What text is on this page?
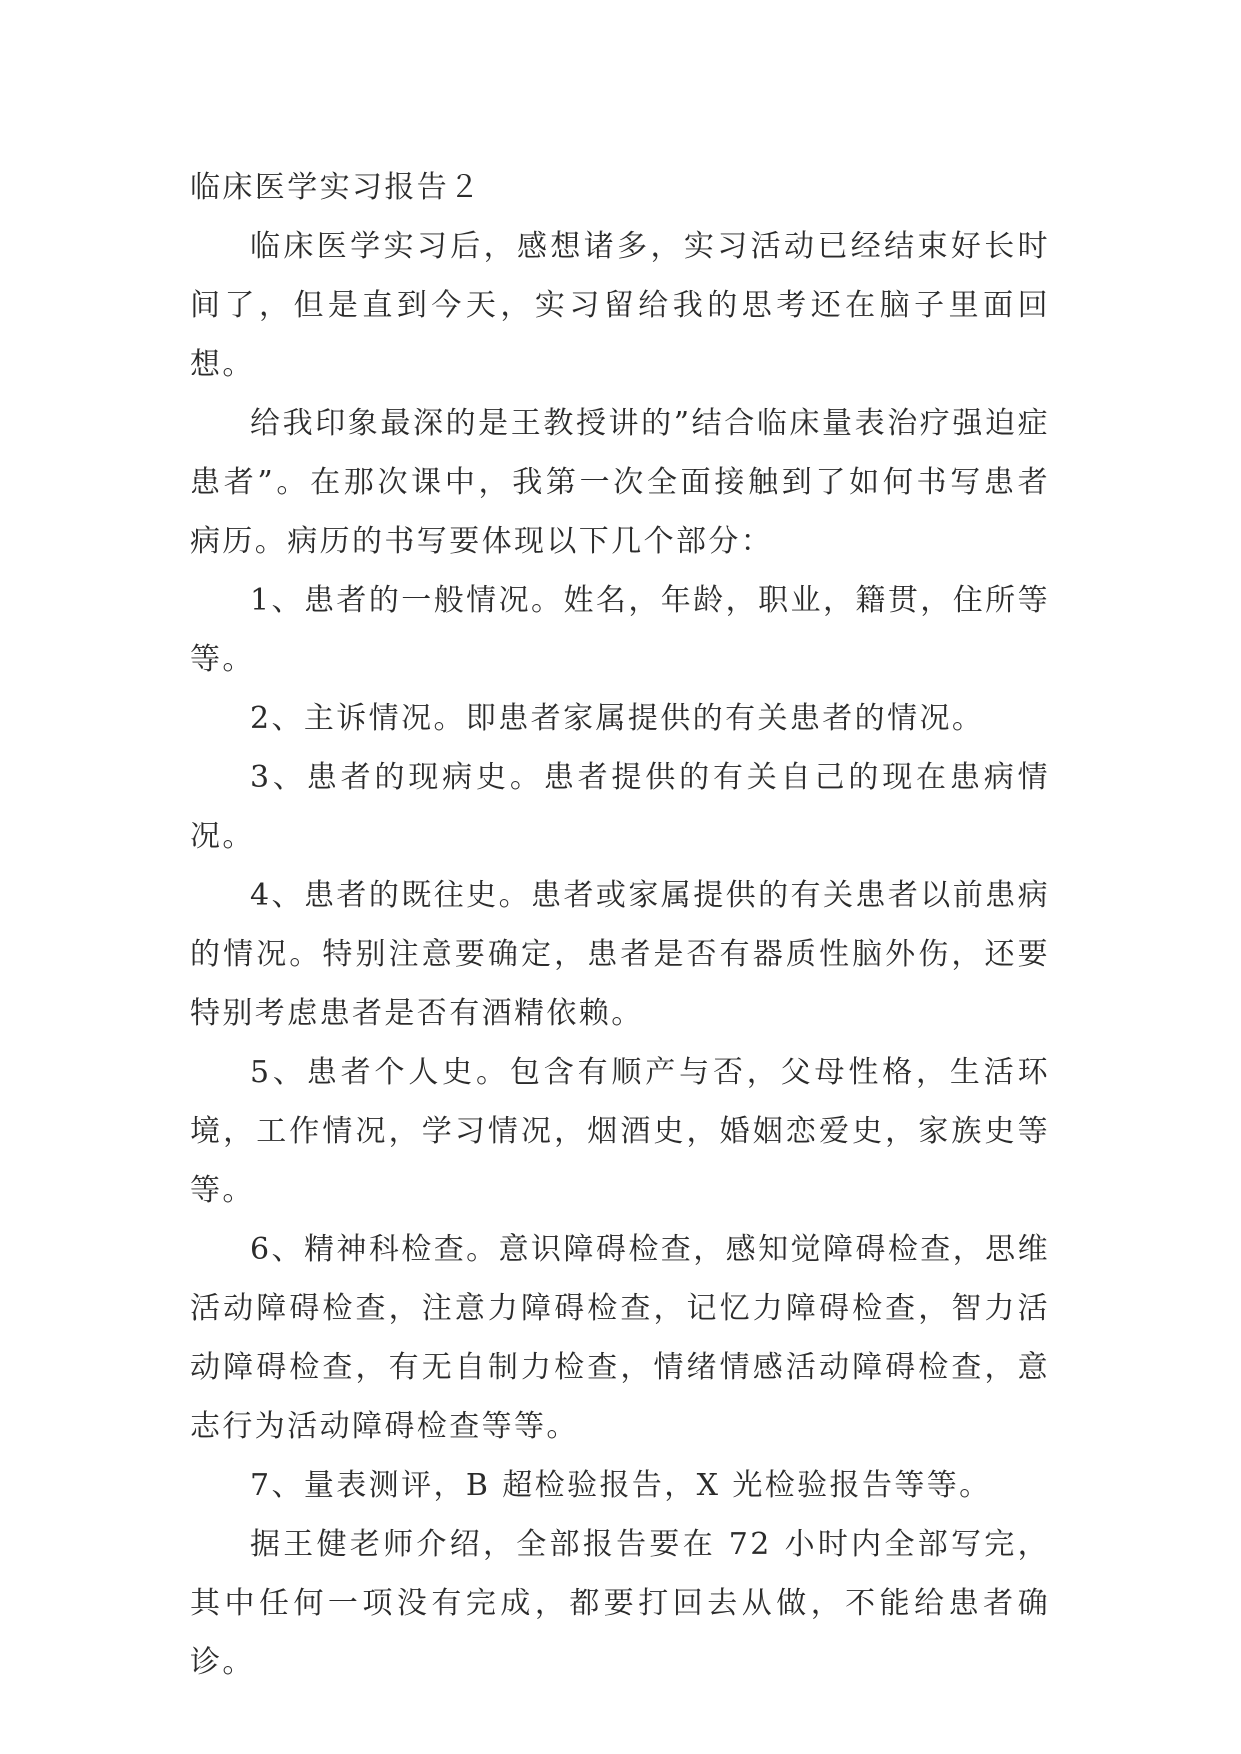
临床医学实习报告２

临床医学实习后，感想诸多，实习活动已经结束好长时间了，但是直到今天，实习留给我的思考还在脑子里面回想。

给我印象最深的是王教授讲的”结合临床量表治疗强迫症患者”。在那次课中，我第一次全面接触到了如何书写患者病历。病历的书写要体现以下几个部分：

1、患者的一般情况。姓名，年龄，职业，籍贯，住所等等。

2、主诉情况。即患者家属提供的有关患者的情况。

3、患者的现病史。患者提供的有关自己的现在患病情况。

4、患者的既往史。患者或家属提供的有关患者以前患病的情况。特别注意要确定，患者是否有器质性脑外伤，还要特别考虑患者是否有酒精依赖。

5、患者个人史。包含有顺产与否，父母性格，生活环境，工作情况，学习情况，烟酒史，婚姻恋爱史，家族史等等。

6、精神科检查。意识障碍检查，感知觉障碍检查，思维活动障碍检查，注意力障碍检查，记忆力障碍检查，智力活动障碍检查，有无自制力检查，情绪情感活动障碍检查，意志行为活动障碍检查等等。

7、量表测评，B 超检验报告，X 光检验报告等等。

据王健老师介绍，全部报告要在 72 小时内全部写完，其中任何一项没有完成，都要打回去从做，不能给患者确诊。
